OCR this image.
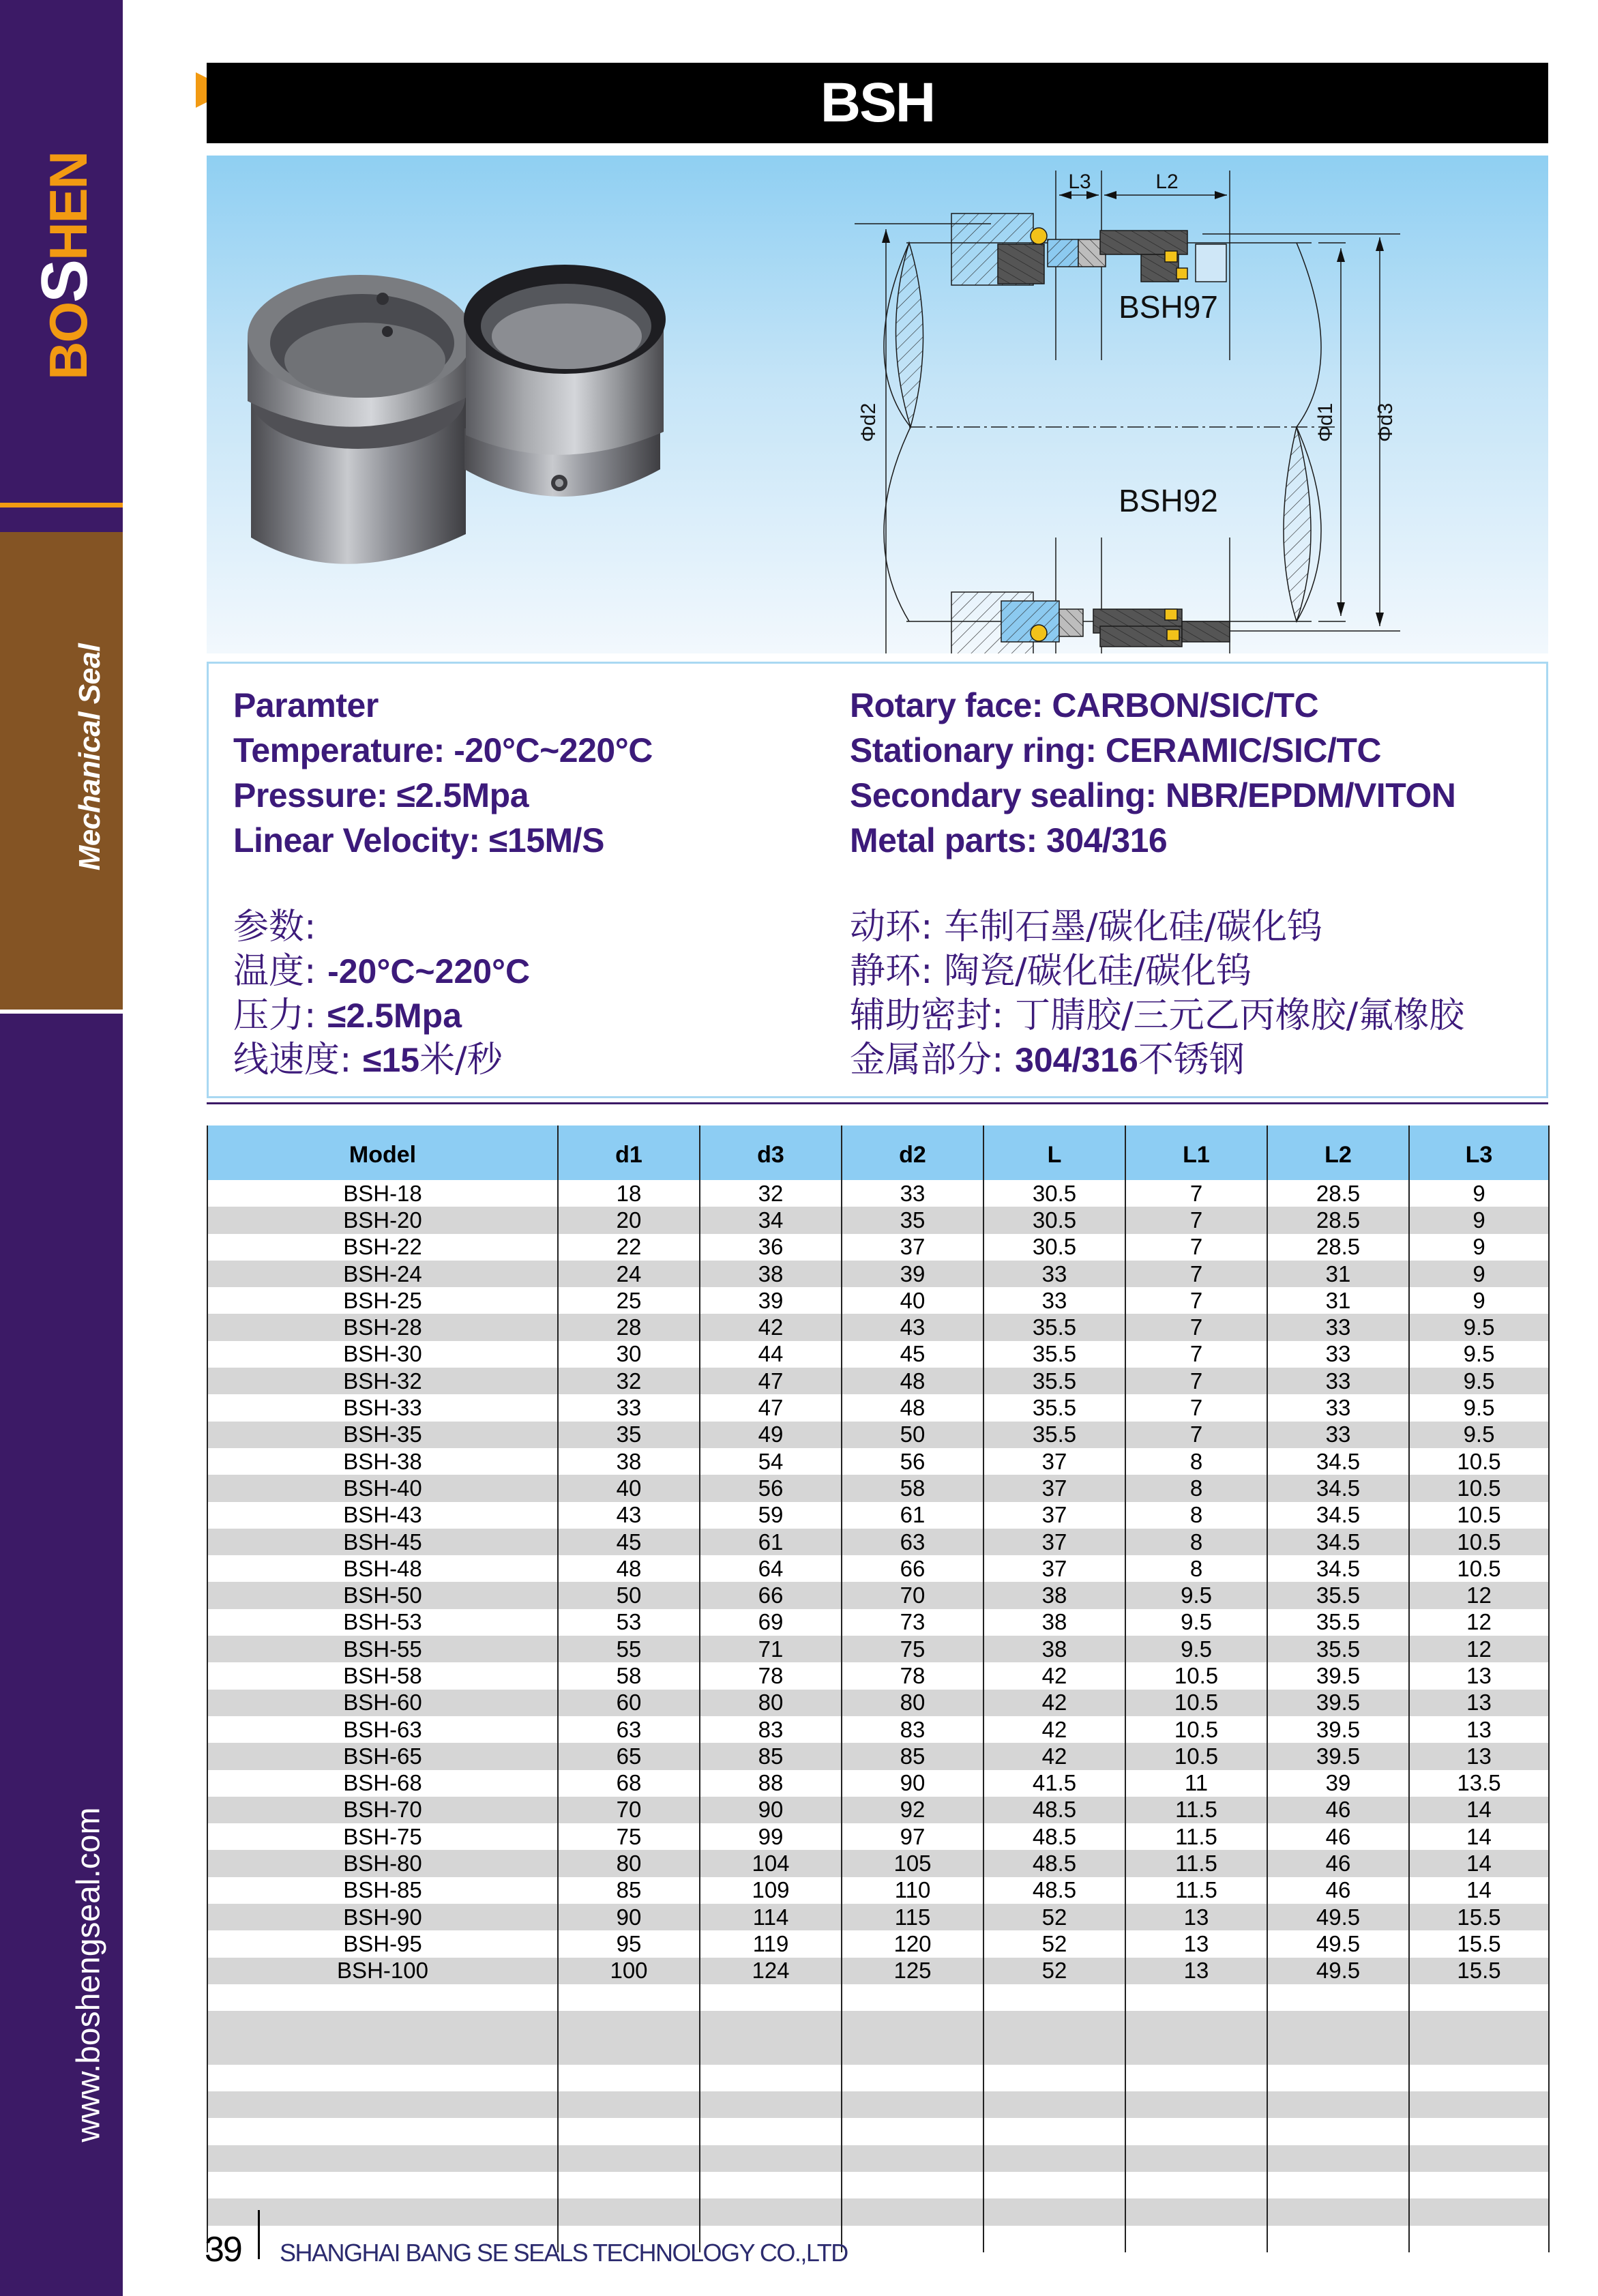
BOSHEN
Mechanical Seal
www.boshengseal.com
BSH
L3	L2
BSH97
BSH92
Φd2	Φd1 Φd3
Paramter
Temperature: -20°C~220°C
Pressure: ≤2.5Mpa
Linear Velocity: ≤15M/S
参数:
温度: -20°C~220°C
压力: ≤2.5Mpa
线速度: ≤15米/秒
Rotary face: CARBON/SIC/TC
Stationary ring: CERAMIC/SIC/TC
Secondary sealing: NBR/EPDM/VITON
Metal parts: 304/316
动环: 车制石墨/碳化硅/碳化钨
静环: 陶瓷/碳化硅/碳化钨
辅助密封: 丁腈胶/三元乙丙橡胶/氟橡胶
金属部分: 304/316不锈钢
Model	d1	d3	d2	L	L1	L2	L3
BSH-18	18	32	33	30.5	7	28.5	9
BSH-20	20	34	35	30.5	7	28.5	9
BSH-22	22	36	37	30.5	7	28.5	9
BSH-24	24	38	39	33	7	31	9
BSH-25	25	39	40	33	7	31	9
BSH-28	28	42	43	35.5	7	33	9.5
BSH-30	30	44	45	35.5	7	33	9.5
BSH-32	32	47	48	35.5	7	33	9.5
BSH-33	33	47	48	35.5	7	33	9.5
BSH-35	35	49	50	35.5	7	33	9.5
BSH-38	38	54	56	37	8	34.5	10.5
BSH-40	40	56	58	37	8	34.5	10.5
BSH-43	43	59	61	37	8	34.5	10.5
BSH-45	45	61	63	37	8	34.5	10.5
BSH-48	48	64	66	37	8	34.5	10.5
BSH-50	50	66	70	38	9.5	35.5	12
BSH-53	53	69	73	38	9.5	35.5	12
BSH-55	55	71	75	38	9.5	35.5	12
BSH-58	58	78	78	42	10.5	39.5	13
BSH-60	60	80	80	42	10.5	39.5	13
BSH-63	63	83	83	42	10.5	39.5	13
BSH-65	65	85	85	42	10.5	39.5	13
BSH-68	68	88	90	41.5	11	39	13.5
BSH-70	70	90	92	48.5	11.5	46	14
BSH-75	75	99	97	48.5	11.5	46	14
BSH-80	80	104	105	48.5	11.5	46	14
BSH-85	85	109	110	48.5	11.5	46	14
BSH-90	90	114	115	52	13	49.5	15.5
BSH-95	95	119	120	52	13	49.5	15.5
BSH-100	100	124	125	52	13	49.5	15.5
39 SHANGHAI BANG SE SEALS TECHNOLOGY CO.,LTD
